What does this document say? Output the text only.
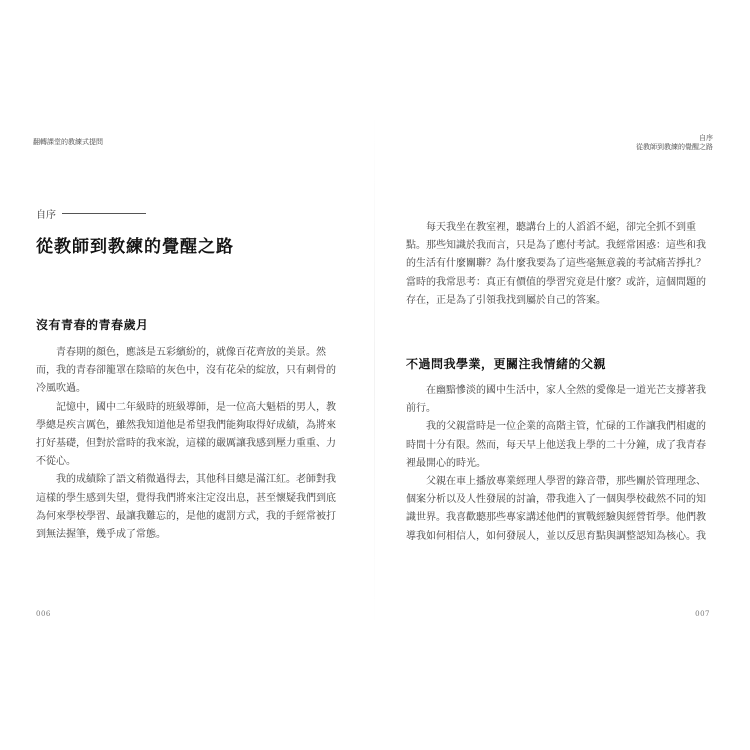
翻轉課堂的教練式提問
自序
從教師到教練的覺醒之路
沒有青春的青春歲月
　　青春期的顏色，應該是五彩繽紛的，就像百花齊放的美景。然
而，我的青春卻籠罩在陰暗的灰色中，沒有花朵的綻放，只有刺骨的
冷風吹過。
　　記憶中，國中二年級時的班級導師，是一位高大魁梧的男人，教
學總是疾言厲色，雖然我知道他是希望我們能夠取得好成績，為將來
打好基礎，但對於當時的我來說，這樣的嚴厲讓我感到壓力重重、力
不從心。
　　我的成績除了語文稍微過得去，其他科目總是滿江紅。老師對我
這樣的學生感到失望，覺得我們將來注定沒出息，甚至懷疑我們到底
為何來學校學習、最讓我難忘的，是他的處罰方式，我的手經常被打
到無法握筆，幾乎成了常態。
006
自序
從教師到教練的覺醒之路
　　每天我坐在教室裡，聽講台上的人滔滔不絕，卻完全抓不到重
點。那些知識於我而言，只是為了應付考試。我經常困惑：這些和我
的生活有什麼關聯？為什麼我要為了這些毫無意義的考試痛苦掙扎？
當時的我常思考：真正有價值的學習究竟是什麼？或許，這個問題的
存在，正是為了引領我找到屬於自己的答案。
不過問我學業，更關注我情緒的父親
　　在幽黯慘淡的國中生活中，家人全然的愛像是一道光芒支撐著我
前行。
　　我的父親當時是一位企業的高階主管，忙碌的工作讓我們相處的
時間十分有限。然而，每天早上他送我上學的二十分鐘，成了我青春
裡最開心的時光。
　　父親在車上播放專業經理人學習的錄音帶，那些關於管理理念、
個案分析以及人性發展的討論，帶我進入了一個與學校截然不同的知
識世界。我喜歡聽那些專家講述他們的實戰經驗與經營哲學。他們教
導我如何相信人，如何發展人，並以反思育點與調整認知為核心。我
007
